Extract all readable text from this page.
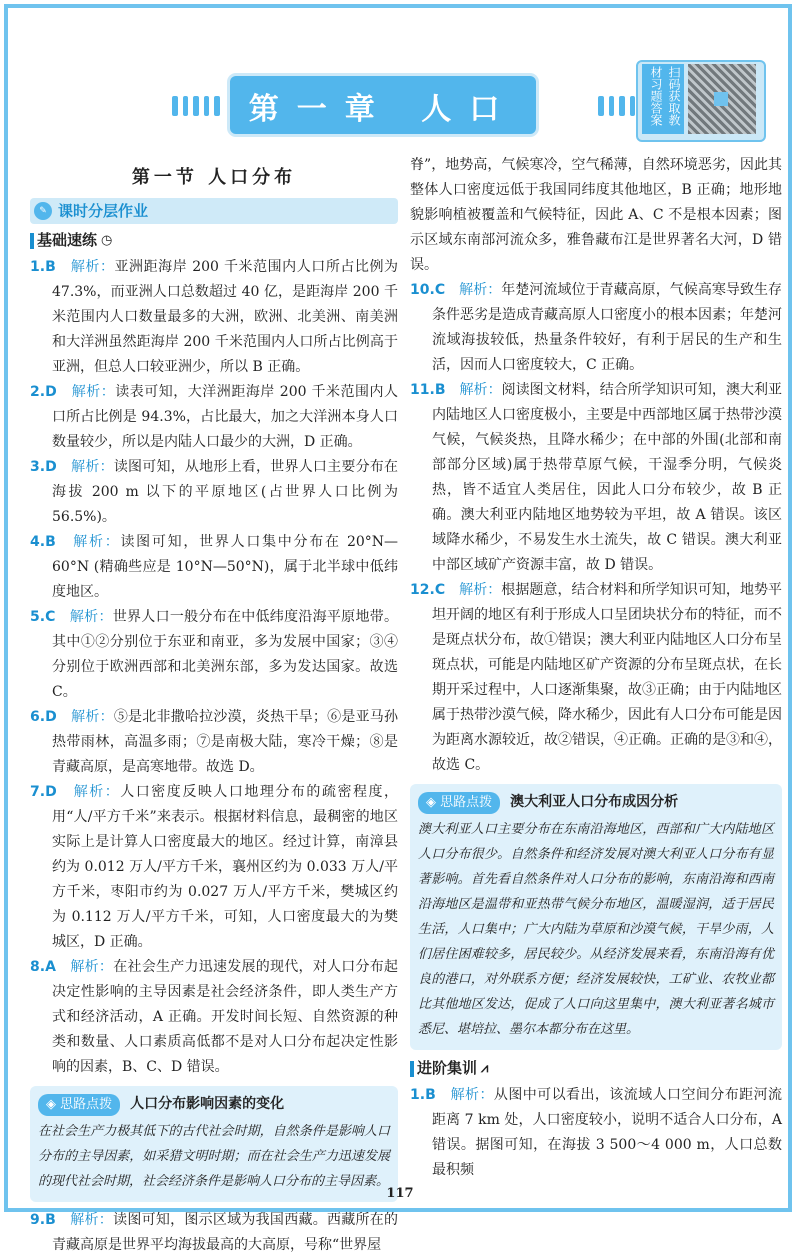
第一章 人口	扫码获取教材习题答案
第一节 人口分布
✎ 课时分层作业
基础速练 ◷
1.B　 解析：亚洲距海岸 200 千米范围内人口所占比例为 47.3%，而亚洲人口总数超过 40 亿，是距海岸 200 千米范围内人口数量最多的大洲，欧洲、北美洲、南美洲和大洋洲虽然距海岸 200 千米范围内人口所占比例高于亚洲，但总人口较亚洲少，所以 B 正确。
2.D　 解析：读表可知，大洋洲距海岸 200 千米范围内人口所占比例是 94.3%，占比最大，加之大洋洲本身人口数量较少，所以是内陆人口最少的大洲，D 正确。
3.D　 解析：读图可知，从地形上看，世界人口主要分布在海拔 200 m 以下的平原地区(占世界人口比例为 56.5%)。
4.B　 解析：读图可知，世界人口集中分布在 20°N—60°N (精确些应是 10°N—50°N)，属于北半球中低纬度地区。
5.C　 解析：世界人口一般分布在中低纬度沿海平原地带。其中①②分别位于东亚和南亚，多为发展中国家；③④分别位于欧洲西部和北美洲东部，多为发达国家。故选 C。
6.D　 解析：⑤是北非撒哈拉沙漠，炎热干旱；⑥是亚马孙热带雨林，高温多雨；⑦是南极大陆，寒冷干燥；⑧是青藏高原，是高寒地带。故选 D。
7.D　 解析：人口密度反映人口地理分布的疏密程度，用“人/平方千米”来表示。根据材料信息，最稠密的地区实际上是计算人口密度最大的地区。经过计算，南漳县约为 0.012 万人/平方千米，襄州区约为 0.033 万人/平方千米，枣阳市约为 0.027 万人/平方千米，樊城区约为 0.112 万人/平方千米，可知，人口密度最大的为樊城区，D 正确。
8.A　 解析：在社会生产力迅速发展的现代，对人口分布起决定性影响的主导因素是社会经济条件，即人类生产方式和经济活动，A 正确。开发时间长短、自然资源的种类和数量、人口素质高低都不是对人口分布起决定性影响的因素，B、C、D 错误。
◈ 思路点拨	人口分布影响因素的变化
在社会生产力极其低下的古代社会时期，自然条件是影响人口分布的主导因素，如采猎文明时期；而在社会生产力迅速发展的现代社会时期，社会经济条件是影响人口分布的主导因素。
9.B　 解析：读图可知，图示区域为我国西藏。西藏所在的青藏高原是世界平均海拔最高的大高原，号称“世界屋
脊”，地势高，气候寒冷，空气稀薄，自然环境恶劣，因此其整体人口密度远低于我国同纬度其他地区，B 正确；地形地貌影响植被覆盖和气候特征，因此 A、C 不是根本因素；图示区域东南部河流众多，雅鲁藏布江是世界著名大河，D 错误。
10.C　 解析：年楚河流域位于青藏高原，气候高寒导致生存条件恶劣是造成青藏高原人口密度小的根本因素；年楚河流域海拔较低，热量条件较好，有利于居民的生产和生活，因而人口密度较大，C 正确。
11.B　 解析：阅读图文材料，结合所学知识可知，澳大利亚内陆地区人口密度极小，主要是中西部地区属于热带沙漠气候，气候炎热，且降水稀少；在中部的外围(北部和南部部分区域)属于热带草原气候，干湿季分明，气候炎热，皆不适宜人类居住，因此人口分布较少，故 B 正确。澳大利亚内陆地区地势较为平坦，故 A 错误。该区域降水稀少，不易发生水土流失，故 C 错误。澳大利亚中部区域矿产资源丰富，故 D 错误。
12.C　 解析：根据题意，结合材料和所学知识可知，地势平坦开阔的地区有利于形成人口呈团块状分布的特征，而不是斑点状分布，故①错误；澳大利亚内陆地区人口分布呈斑点状，可能是内陆地区矿产资源的分布呈斑点状，在长期开采过程中，人口逐渐集聚，故③正确；由于内陆地区属于热带沙漠气候，降水稀少，因此有人口分布可能是因为距离水源较近，故②错误，④正确。正确的是③和④，故选 C。
◈ 思路点拨	澳大利亚人口分布成因分析
澳大利亚人口主要分布在东南沿海地区，西部和广大内陆地区人口分布很少。自然条件和经济发展对澳大利亚人口分布有显著影响。首先看自然条件对人口分布的影响，东南沿海和西南沿海地区是温带和亚热带气候分布地区，温暖湿润，适于居民生活，人口集中；广大内陆为草原和沙漠气候，干旱少雨，人们居住困难较多，居民较少。从经济发展来看，东南沿海有优良的港口，对外联系方便；经济发展较快，工矿业、农牧业都比其他地区发达，促成了人口向这里集中，澳大利亚著名城市悉尼、堪培拉、墨尔本都分布在这里。
进阶集训 ⩘
1.B　 解析：从图中可以看出，该流域人口空间分布距河流距离 7 km 处，人口密度较小，说明不适合人口分布，A 错误。据图可知，在海拔 3 500～4 000 m，人口总数最积频
117
